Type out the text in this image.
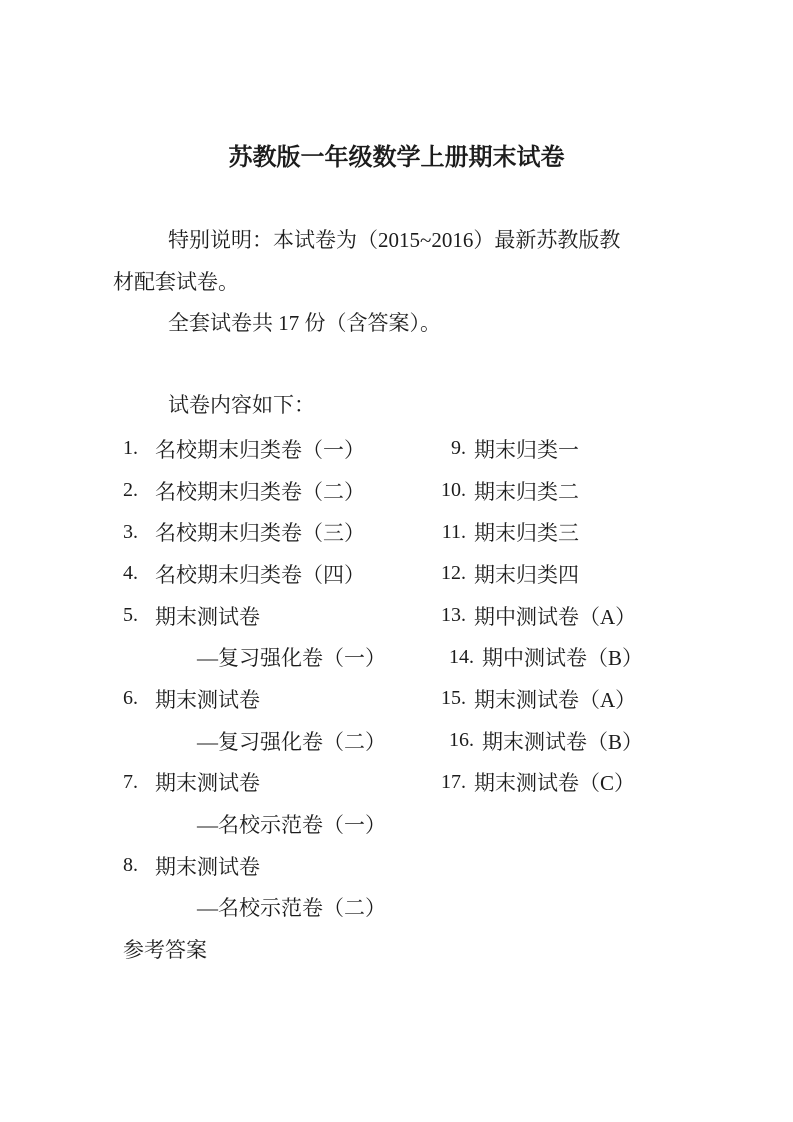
苏教版一年级数学上册期末试卷
特别说明：本试卷为（2015~2016）最新苏教版教
材配套试卷。
全套试卷共 17 份（含答案）。
试卷内容如下：
1. 名校期末归类卷（一）
2. 名校期末归类卷（二）
3. 名校期末归类卷（三）
4. 名校期末归类卷（四）
5. 期末测试卷
—复习强化卷（一）
6. 期末测试卷
—复习强化卷（二）
7. 期末测试卷
—名校示范卷（一）
8. 期末测试卷
—名校示范卷（二）
参考答案
9. 期末归类一
10. 期末归类二
11. 期末归类三
12. 期末归类四
13. 期中测试卷（A）
14. 期中测试卷（B）
15. 期末测试卷（A）
16. 期末测试卷（B）
17. 期末测试卷（C）
